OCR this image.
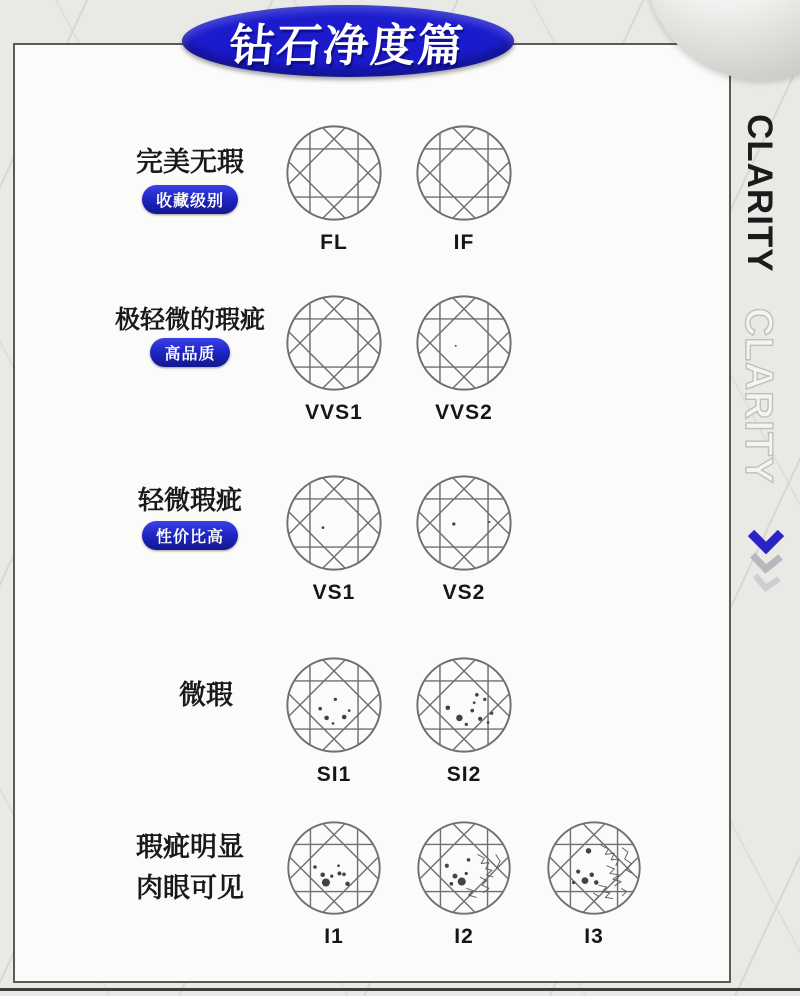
完美无瑕
收藏级别
FL	IF
极轻微的瑕疵
高品质
VVS1	VVS2
轻微瑕疵
性价比高
VS1	VS2
微瑕
SI1	SI2
瑕疵明显
肉眼可见
I1	I2	I3
钻石净度篇
CLARITY
CLARITY
